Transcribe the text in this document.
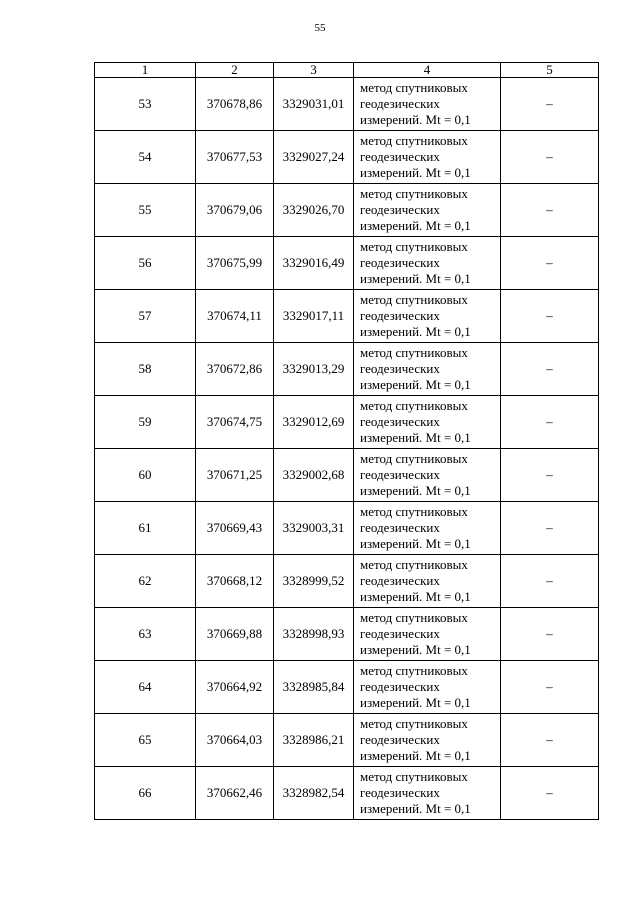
55
1	2	3	4	5
53	370678,86	3329031,01	метод спутниковых
геодезических
измерений. Mt = 0,1	–
54	370677,53	3329027,24	метод спутниковых
геодезических
измерений. Mt = 0,1	–
55	370679,06	3329026,70	метод спутниковых
геодезических
измерений. Mt = 0,1	–
56	370675,99	3329016,49	метод спутниковых
геодезических
измерений. Mt = 0,1	–
57	370674,11	3329017,11	метод спутниковых
геодезических
измерений. Mt = 0,1	–
58	370672,86	3329013,29	метод спутниковых
геодезических
измерений. Mt = 0,1	–
59	370674,75	3329012,69	метод спутниковых
геодезических
измерений. Mt = 0,1	–
60	370671,25	3329002,68	метод спутниковых
геодезических
измерений. Mt = 0,1	–
61	370669,43	3329003,31	метод спутниковых
геодезических
измерений. Mt = 0,1	–
62	370668,12	3328999,52	метод спутниковых
геодезических
измерений. Mt = 0,1	–
63	370669,88	3328998,93	метод спутниковых
геодезических
измерений. Mt = 0,1	–
64	370664,92	3328985,84	метод спутниковых
геодезических
измерений. Mt = 0,1	–
65	370664,03	3328986,21	метод спутниковых
геодезических
измерений. Mt = 0,1	–
66	370662,46	3328982,54	метод спутниковых
геодезических
измерений. Mt = 0,1	–
